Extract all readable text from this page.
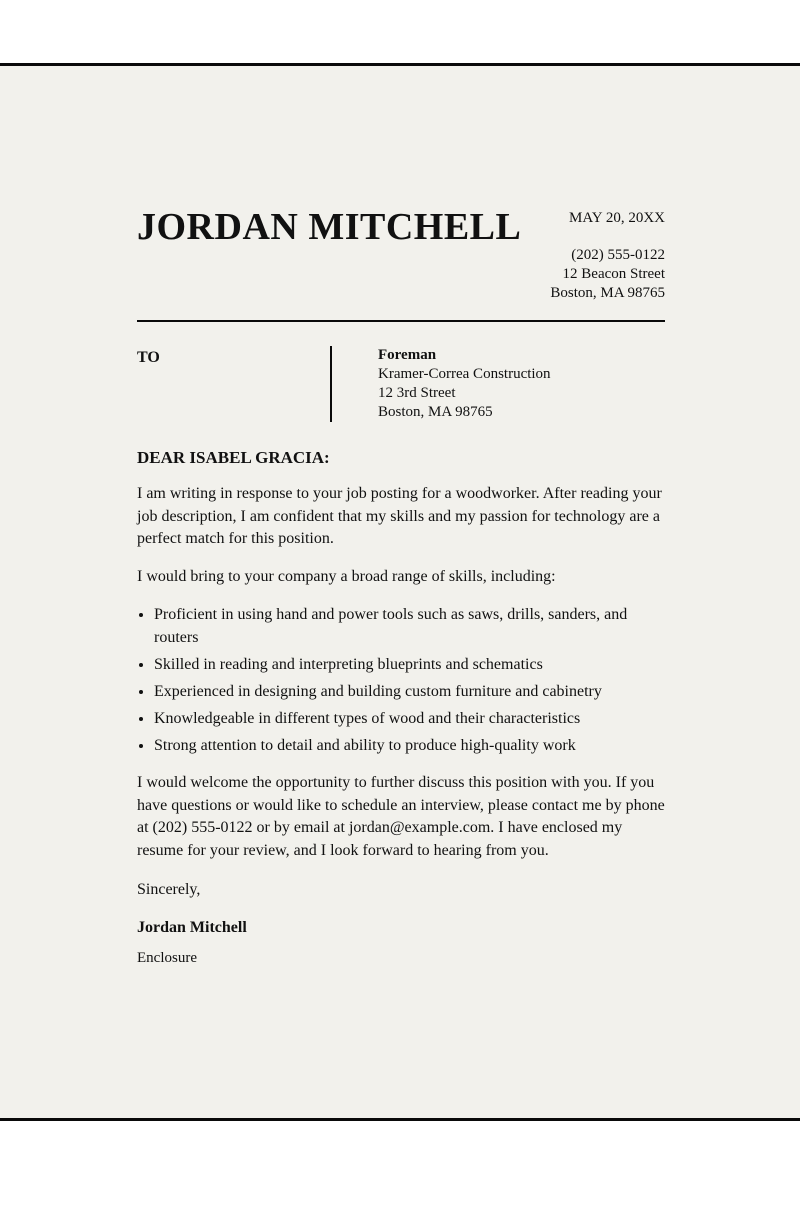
JORDAN MITCHELL	MAY 20, 20XX
(202) 555-0122
12 Beacon Street
Boston, MA 98765
TO	Foreman
Kramer-Correa Construction
12 3rd Street
Boston, MA 98765

DEAR ISABEL GRACIA:

I am writing in response to your job posting for a woodworker. After reading your job description, I am confident that my skills and my passion for technology are a perfect match for this position.

I would bring to your company a broad range of skills, including:

• Proficient in using hand and power tools such as saws, drills, sanders, and routers
• Skilled in reading and interpreting blueprints and schematics
• Experienced in designing and building custom furniture and cabinetry
• Knowledgeable in different types of wood and their characteristics
• Strong attention to detail and ability to produce high-quality work

I would welcome the opportunity to further discuss this position with you. If you have questions or would like to schedule an interview, please contact me by phone at (202) 555-0122 or by email at jordan@example.com. I have enclosed my resume for your review, and I look forward to hearing from you.

Sincerely,

Jordan Mitchell

Enclosure
